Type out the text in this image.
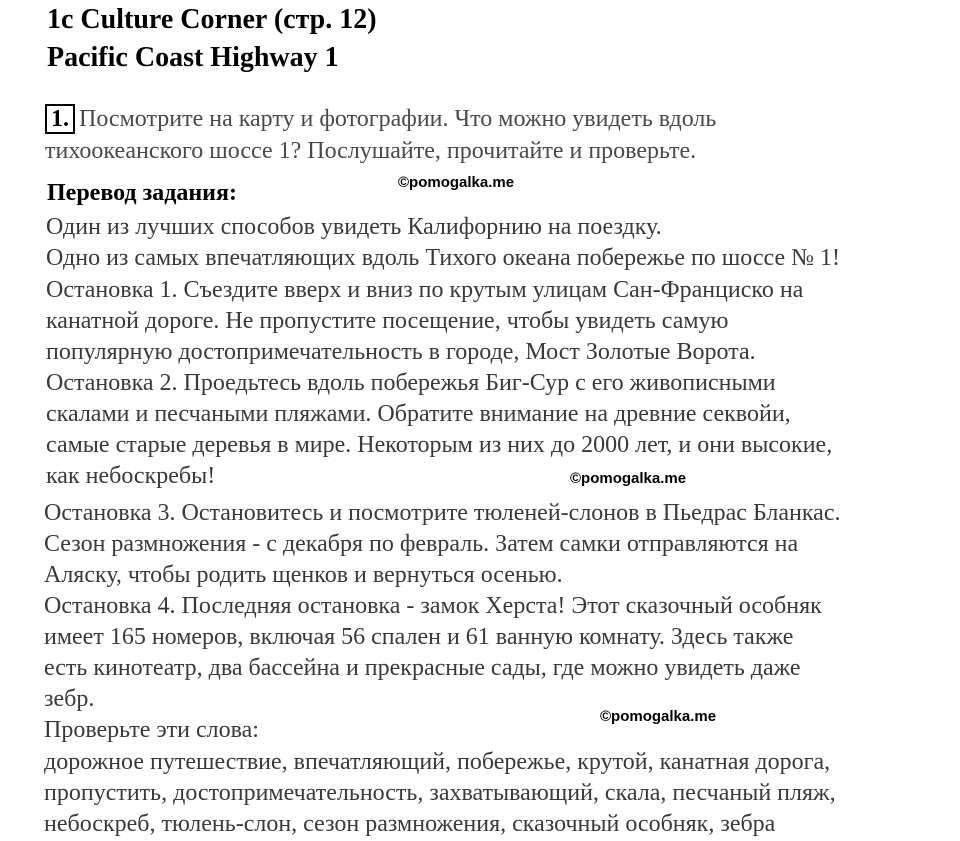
1c Culture Corner (стр. 12)
Pacific Coast Highway 1
1. Посмотрите на карту и фотографии. Что можно увидеть вдоль
тихоокеанского шоссе 1? Послушайте, прочитайте и проверьте.
Перевод задания:	©pomogalka.me
Один из лучших способов увидеть Калифорнию на поездку.
Одно из самых впечатляющих вдоль Тихого океана побережье по шоссе № 1!
Остановка 1. Съездите вверх и вниз по крутым улицам Сан-Франциско на
канатной дороге. Не пропустите посещение, чтобы увидеть самую
популярную достопримечательность в городе, Мост Золотые Ворота.
Остановка 2. Проедьтесь вдоль побережья Биг-Сур с его живописными
скалами и песчаными пляжами. Обратите внимание на древние секвойи,
самые старые деревья в мире. Некоторым из них до 2000 лет, и они высокие,
как небоскребы!	©pomogalka.me
Остановка 3. Остановитесь и посмотрите тюленей-слонов в Пьедрас Бланкас.
Сезон размножения - с декабря по февраль. Затем самки отправляются на
Аляску, чтобы родить щенков и вернуться осенью.
Остановка 4. Последняя остановка - замок Херста! Этот сказочный особняк
имеет 165 номеров, включая 56 спален и 61 ванную комнату. Здесь также
есть кинотеатр, два бассейна и прекрасные сады, где можно увидеть даже
зебр.
©pomogalka.me
Проверьте эти слова:
дорожное путешествие, впечатляющий, побережье, крутой, канатная дорога,
пропустить, достопримечательность, захватывающий, скала, песчаный пляж,
небоскреб, тюлень-слон, сезон размножения, сказочный особняк, зебра
